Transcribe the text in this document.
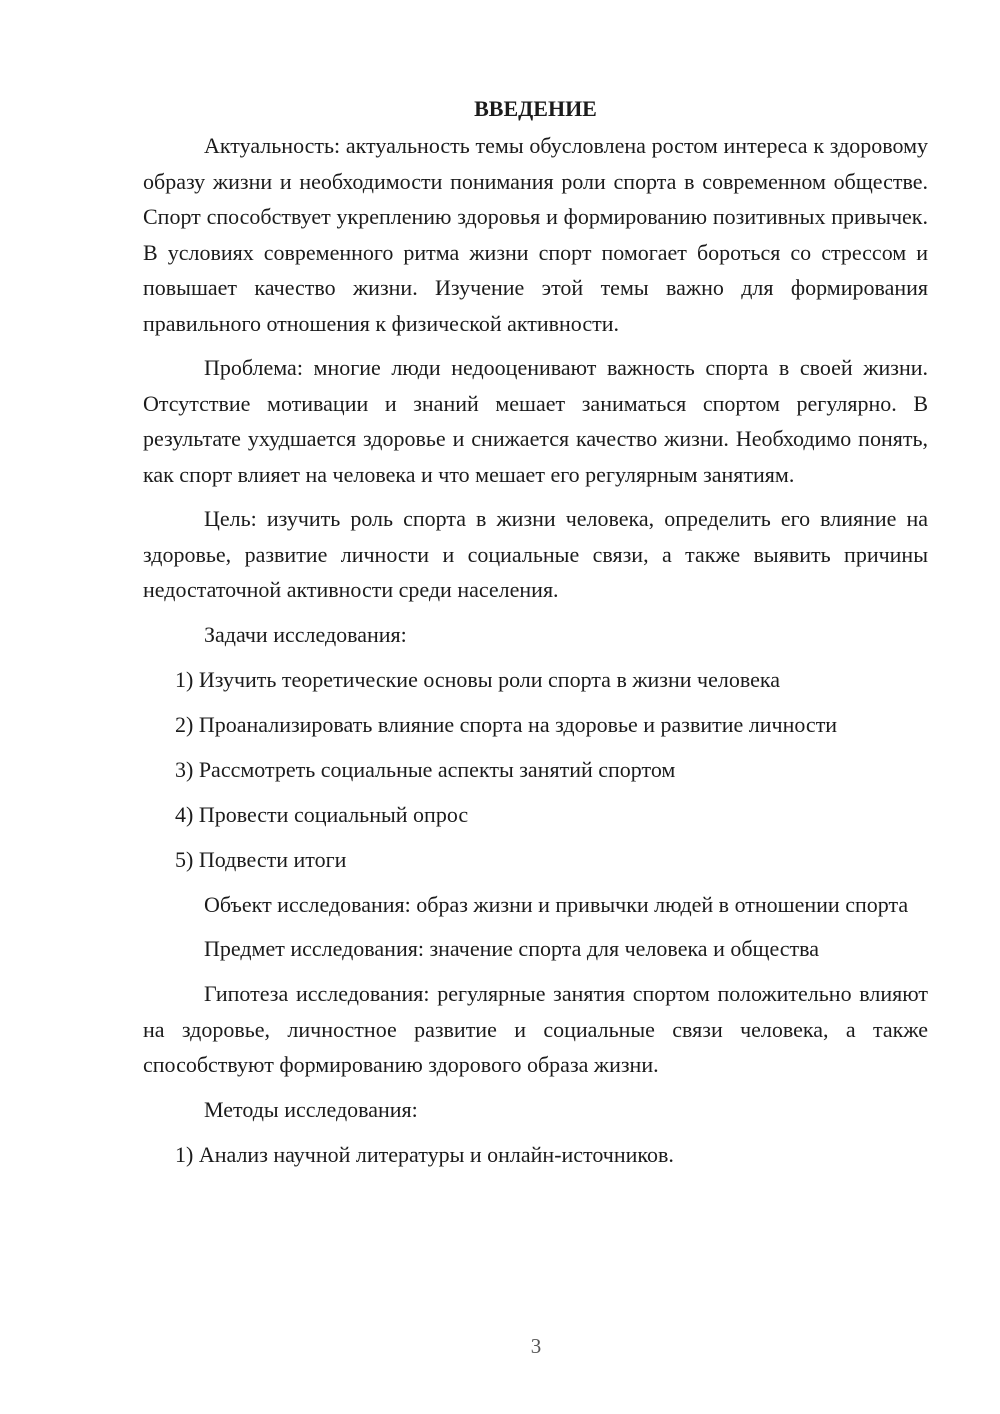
ВВЕДЕНИЕ

Актуальность: актуальность темы обусловлена ростом интереса к здоровому образу жизни и необходимости понимания роли спорта в современном обществе. Спорт способствует укреплению здоровья и формированию позитивных привычек. В условиях современного ритма жизни спорт помогает бороться со стрессом и повышает качество жизни. Изучение этой темы важно для формирования правильного отношения к физической активности.

Проблема: многие люди недооценивают важность спорта в своей жизни. Отсутствие мотивации и знаний мешает заниматься спортом регулярно. В результате ухудшается здоровье и снижается качество жизни. Необходимо понять, как спорт влияет на человека и что мешает его регулярным занятиям.

Цель: изучить роль спорта в жизни человека, определить его влияние на здоровье, развитие личности и социальные связи, а также выявить причины недостаточной активности среди населения.

Задачи исследования:

1) Изучить теоретические основы роли спорта в жизни человека

2) Проанализировать влияние спорта на здоровье и развитие личности

3) Рассмотреть социальные аспекты занятий спортом

4) Провести социальный опрос

5) Подвести итоги

Объект исследования: образ жизни и привычки людей в отношении спорта

Предмет исследования: значение спорта для человека и общества

Гипотеза исследования: регулярные занятия спортом положительно влияют на здоровье, личностное развитие и социальные связи человека, а также способствуют формированию здорового образа жизни.

Методы исследования:

1) Анализ научной литературы и онлайн-источников.

3
